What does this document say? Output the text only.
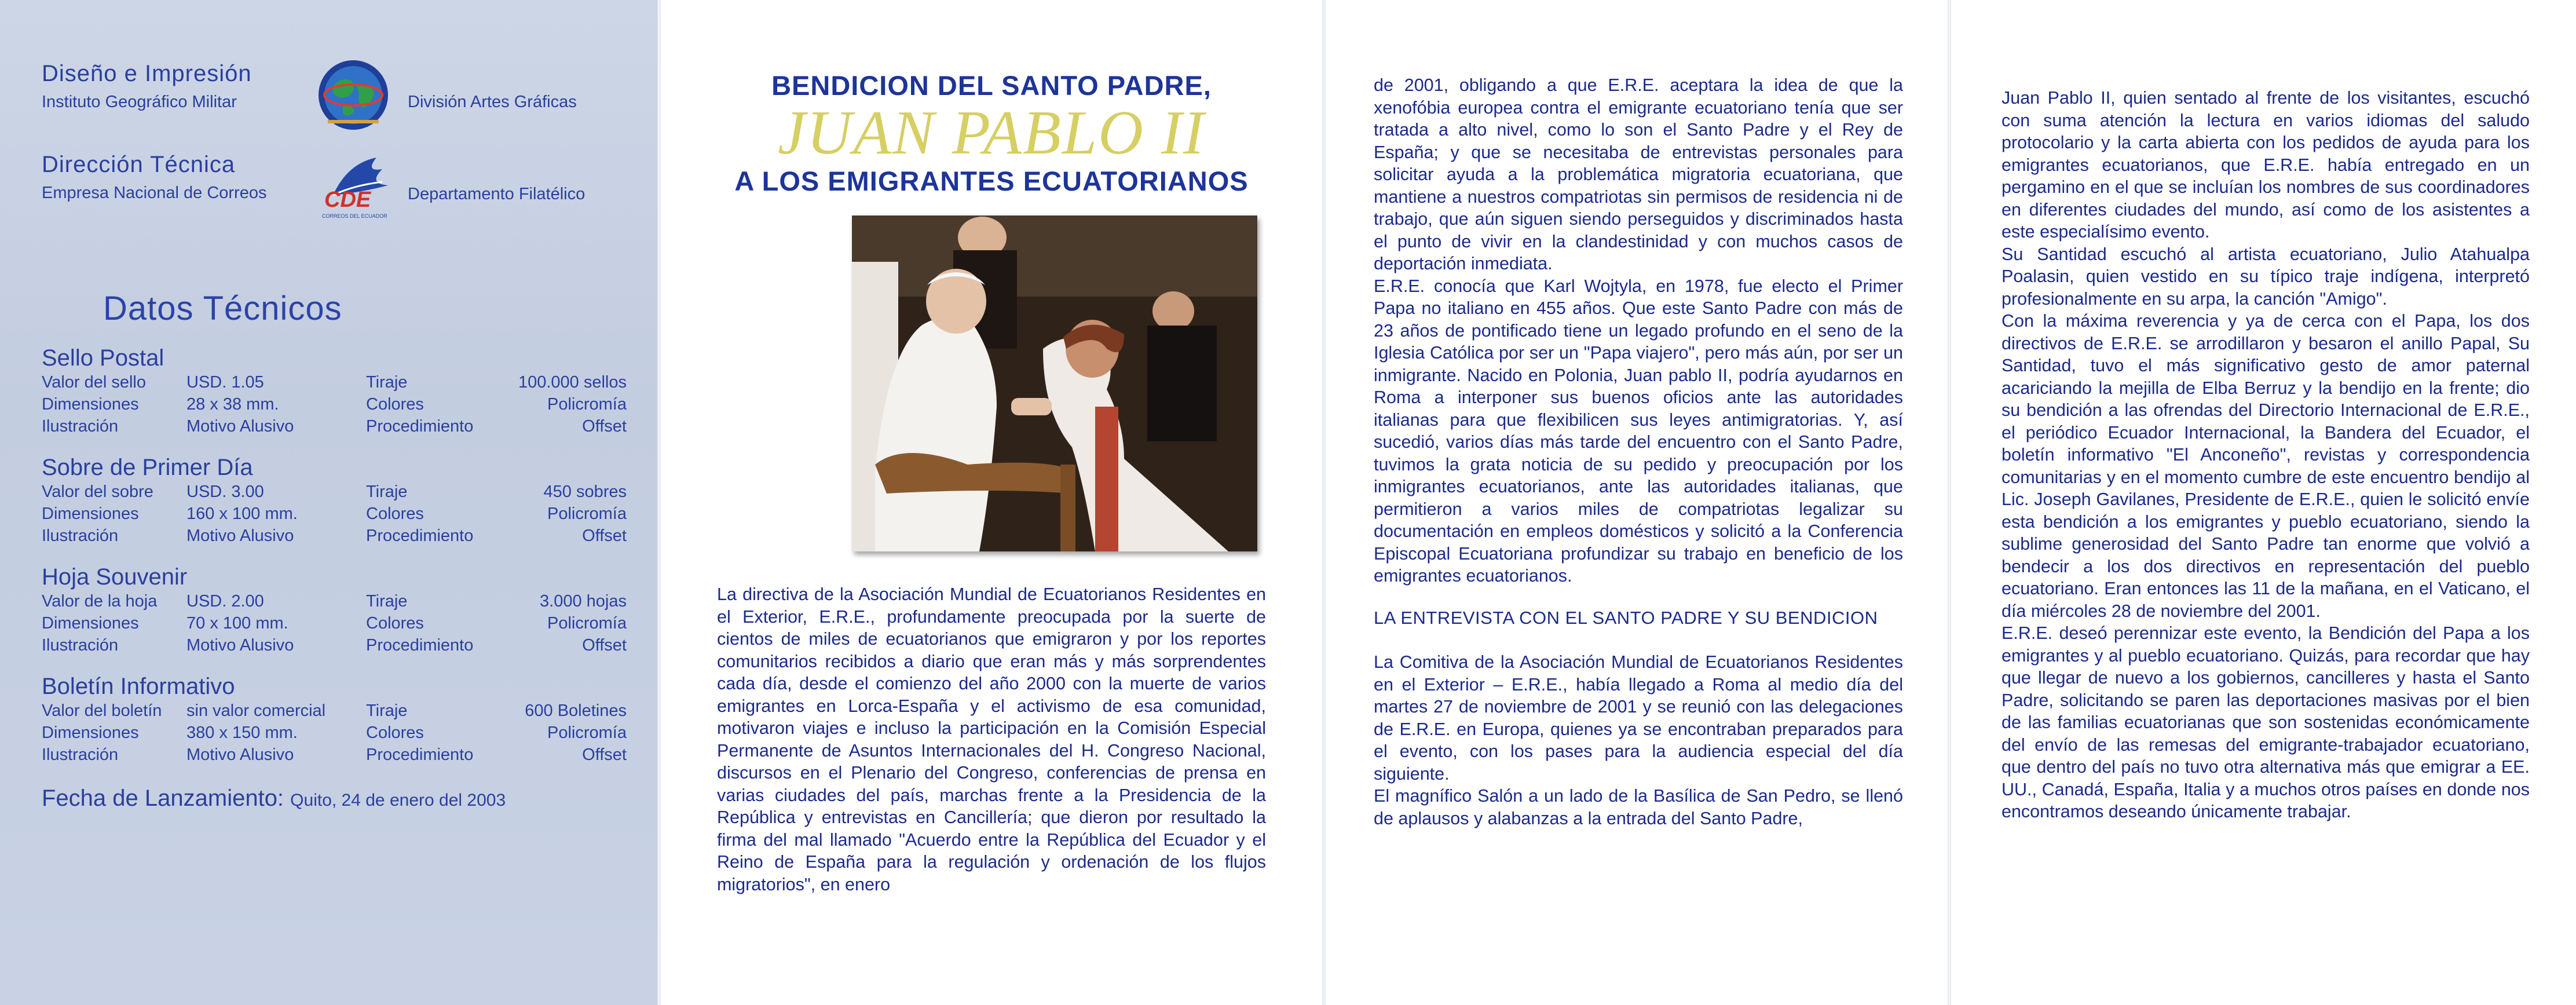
Diseño e Impresión
Instituto Geográfico Militar	División Artes Gráficas
Dirección Técnica
Empresa Nacional de Correos	CDE
CORREOS DEL ECUADOR
Departamento Filatélico
Datos Técnicos
Sello Postal
Valor del sello	USD. 1.05	Tiraje	100.000 sellos
Dimensiones	28 x 38 mm.	Colores	Policromía
Ilustración	Motivo Alusivo	Procedimiento	Offset
Sobre de Primer Día
Valor del sobre	USD. 3.00	Tiraje	450 sobres
Dimensiones	160 x 100 mm.	Colores	Policromía
Ilustración	Motivo Alusivo	Procedimiento	Offset
Hoja Souvenir
Valor de la hoja	USD. 2.00	Tiraje	3.000 hojas
Dimensiones	70 x 100 mm.	Colores	Policromía
Ilustración	Motivo Alusivo	Procedimiento	Offset
Boletín Informativo
Valor del boletín	sin valor comercial	Tiraje	600 Boletines
Dimensiones	380 x 150 mm.	Colores	Policromía
Ilustración	Motivo Alusivo	Procedimiento	Offset
Fecha de Lanzamiento: Quito, 24 de enero del 2003
BENDICION DEL SANTO PADRE,
JUAN PABLO II
A LOS EMIGRANTES ECUATORIANOS

La directiva de la Asociación Mundial de Ecuatorianos Residentes en el Exterior, E.R.E., profundamente preocupada por la suerte de cientos de miles de ecuatorianos que emigraron y por los reportes comunitarios recibidos a diario que eran más y más sorprendentes cada día, desde el comienzo del año 2000 con la muerte de varios emigrantes en Lorca-España y el activismo de esa comunidad, motivaron viajes e incluso la participación en la Comisión Especial Permanente de Asuntos Internacionales del H. Congreso Nacional, discursos en el Plenario del Congreso, conferencias de prensa en varias ciudades del país, marchas frente a la Presidencia de la República y entrevistas en Cancillería; que dieron por resultado la firma del mal llamado "Acuerdo entre la República del Ecuador y el Reino de España para la regulación y ordenación de los flujos migratorios", en enero

de 2001, obligando a que E.R.E. aceptara la idea de que la xenofóbia europea contra el emigrante ecuatoriano tenía que ser tratada a alto nivel, como lo son el Santo Padre y el Rey de España; y que se necesitaba de entrevistas personales para solicitar ayuda a la problemática migratoria ecuatoriana, que mantiene a nuestros compatriotas sin permisos de residencia ni de trabajo, que aún siguen siendo perseguidos y discriminados hasta el punto de vivir en la clandestinidad y con muchos casos de deportación inmediata.

E.R.E. conocía que Karl Wojtyla, en 1978, fue electo el Primer Papa no italiano en 455 años. Que este Santo Padre con más de 23 años de pontificado tiene un legado profundo en el seno de la Iglesia Católica por ser un "Papa viajero", pero más aún, por ser un inmigrante. Nacido en Polonia, Juan pablo II, podría ayudarnos en Roma a interponer sus buenos oficios ante las autoridades italianas para que flexibilicen sus leyes antimigratorias. Y, así sucedió, varios días más tarde del encuentro con el Santo Padre, tuvimos la grata noticia de su pedido y preocupación por los inmigrantes ecuatorianos, ante las autoridades italianas, que permitieron a varios miles de compatriotas legalizar su documentación en empleos domésticos y solicitó a la Conferencia Episcopal Ecuatoriana profundizar su trabajo en beneficio de los emigrantes ecuatorianos.

LA ENTREVISTA CON EL SANTO PADRE Y SU BENDICION

La Comitiva de la Asociación Mundial de Ecuatorianos Residentes en el Exterior – E.R.E., había llegado a Roma al medio día del martes 27 de noviembre de 2001 y se reunió con las delegaciones de E.R.E. en Europa, quienes ya se encontraban preparados para el evento, con los pases para la audiencia especial del día siguiente.

El magnífico Salón a un lado de la Basílica de San Pedro, se llenó de aplausos y alabanzas a la entrada del Santo Padre,

Juan Pablo II, quien sentado al frente de los visitantes, escuchó con suma atención la lectura en varios idiomas del saludo protocolario y la carta abierta con los pedidos de ayuda para los emigrantes ecuatorianos, que E.R.E. había entregado en un pergamino en el que se incluían los nombres de sus coordinadores en diferentes ciudades del mundo, así como de los asistentes a este especialísimo evento.

Su Santidad escuchó al artista ecuatoriano, Julio Atahualpa Poalasin, quien vestido en su típico traje indígena, interpretó profesionalmente en su arpa, la canción "Amigo".

Con la máxima reverencia y ya de cerca con el Papa, los dos directivos de E.R.E. se arrodillaron y besaron el anillo Papal, Su Santidad, tuvo el más significativo gesto de amor paternal acariciando la mejilla de Elba Berruz y la bendijo en la frente; dio su bendición a las ofrendas del Directorio Internacional de E.R.E., el periódico Ecuador Internacional, la Bandera del Ecuador, el boletín informativo "El Anconeño", revistas y correspondencia comunitarias y en el momento cumbre de este encuentro bendijo al Lic. Joseph Gavilanes, Presidente de E.R.E., quien le solicitó envíe esta bendición a los emigrantes y pueblo ecuatoriano, siendo la sublime generosidad del Santo Padre tan enorme que volvió a bendecir a los dos directivos en representación del pueblo ecuatoriano. Eran entonces las 11 de la mañana, en el Vaticano, el día miércoles 28 de noviembre del 2001.

E.R.E. deseó perennizar este evento, la Bendición del Papa a los emigrantes y al pueblo ecuatoriano. Quizás, para recordar que hay que llegar de nuevo a los gobiernos, cancilleres y hasta el Santo Padre, solicitando se paren las deportaciones masivas por el bien de las familias ecuatorianas que son sostenidas económicamente del envío de las remesas del emigrante-trabajador ecuatoriano, que dentro del país no tuvo otra alternativa más que emigrar a EE. UU., Canadá, España, Italia y a muchos otros países en donde nos encontramos deseando únicamente trabajar.
